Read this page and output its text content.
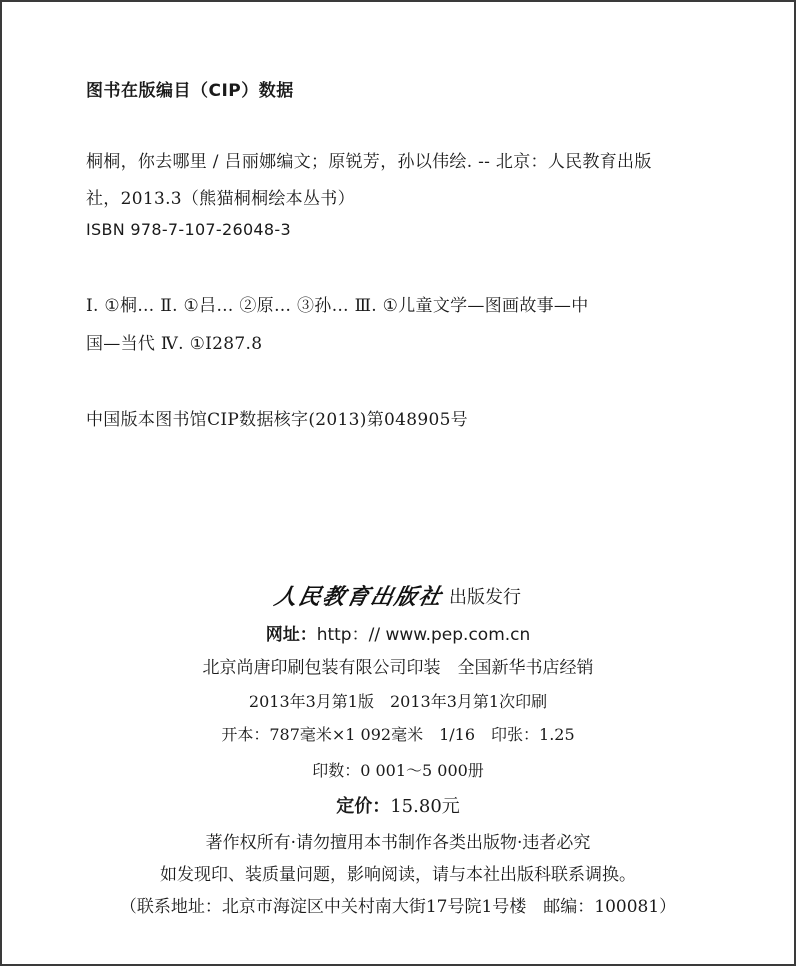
图书在版编目（CIP）数据
桐桐，你去哪里 / 吕丽娜编文；原锐芳，孙以伟绘. -- 北京：人民教育出版
社，2013.3（熊猫桐桐绘本丛书）
ISBN 978-7-107-26048-3
Ⅰ. ①桐… Ⅱ. ①吕… ②原… ③孙… Ⅲ. ①儿童文学—图画故事—中
国—当代 Ⅳ. ①I287.8
中国版本图书馆CIP数据核字(2013)第048905号
人民教育出版社 出版发行
网址：http：// www.pep.com.cn
北京尚唐印刷包装有限公司印装　全国新华书店经销
2013年3月第1版　2013年3月第1次印刷
开本：787毫米×1 092毫米　1/16　印张：1.25
印数：0 001～5 000册
定价：15.80元
著作权所有·请勿擅用本书制作各类出版物·违者必究
如发现印、装质量问题，影响阅读，请与本社出版科联系调换。
（联系地址：北京市海淀区中关村南大街17号院1号楼　邮编：100081）
